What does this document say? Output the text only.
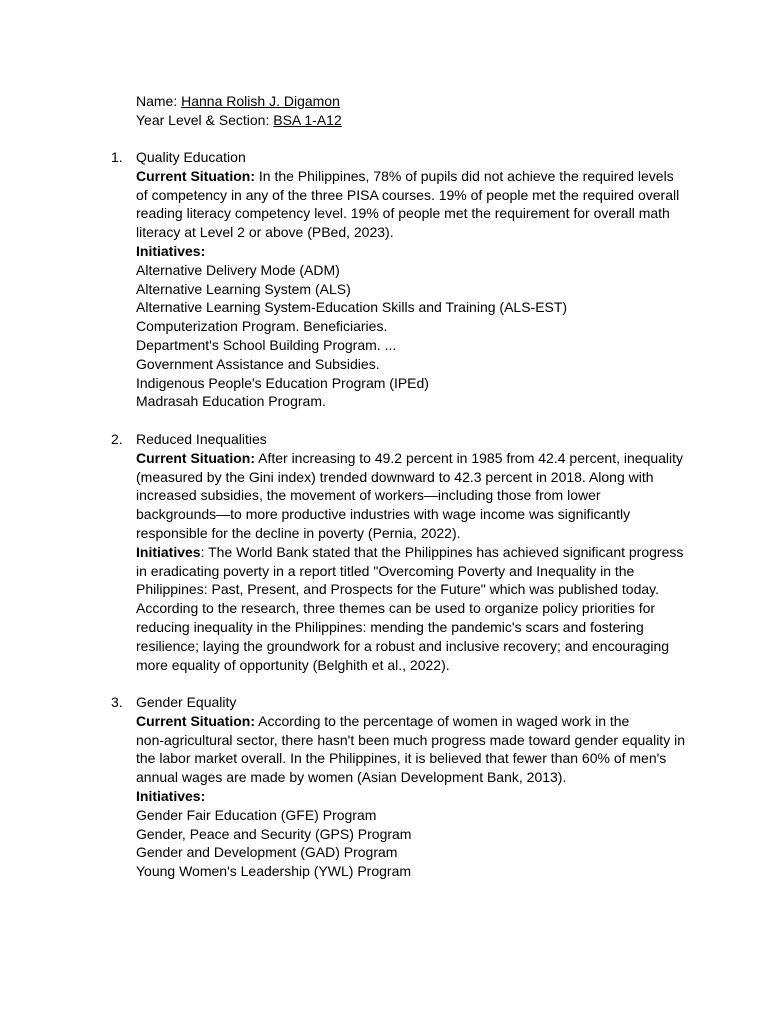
Name: Hanna Rolish J. Digamon
Year Level & Section: BSA 1-A12
1. Quality Education
Current Situation: In the Philippines, 78% of pupils did not achieve the required levels
of competency in any of the three PISA courses. 19% of people met the required overall
reading literacy competency level. 19% of people met the requirement for overall math
literacy at Level 2 or above (PBed, 2023).
Initiatives:
Alternative Delivery Mode (ADM)
Alternative Learning System (ALS)
Alternative Learning System-Education Skills and Training (ALS-EST)
Computerization Program. Beneficiaries.
Department's School Building Program. ...
Government Assistance and Subsidies.
Indigenous People's Education Program (IPEd)
Madrasah Education Program.
2. Reduced Inequalities
Current Situation: After increasing to 49.2 percent in 1985 from 42.4 percent, inequality
(measured by the Gini index) trended downward to 42.3 percent in 2018. Along with
increased subsidies, the movement of workers—including those from lower
backgrounds—to more productive industries with wage income was significantly
responsible for the decline in poverty (Pernia, 2022).
Initiatives: The World Bank stated that the Philippines has achieved significant progress
in eradicating poverty in a report titled "Overcoming Poverty and Inequality in the
Philippines: Past, Present, and Prospects for the Future" which was published today.
According to the research, three themes can be used to organize policy priorities for
reducing inequality in the Philippines: mending the pandemic's scars and fostering
resilience; laying the groundwork for a robust and inclusive recovery; and encouraging
more equality of opportunity (Belghith et al., 2022).
3. Gender Equality
Current Situation: According to the percentage of women in waged work in the
non-agricultural sector, there hasn't been much progress made toward gender equality in
the labor market overall. In the Philippines, it is believed that fewer than 60% of men's
annual wages are made by women (Asian Development Bank, 2013).
Initiatives:
Gender Fair Education (GFE) Program
Gender, Peace and Security (GPS) Program
Gender and Development (GAD) Program
Young Women's Leadership (YWL) Program
